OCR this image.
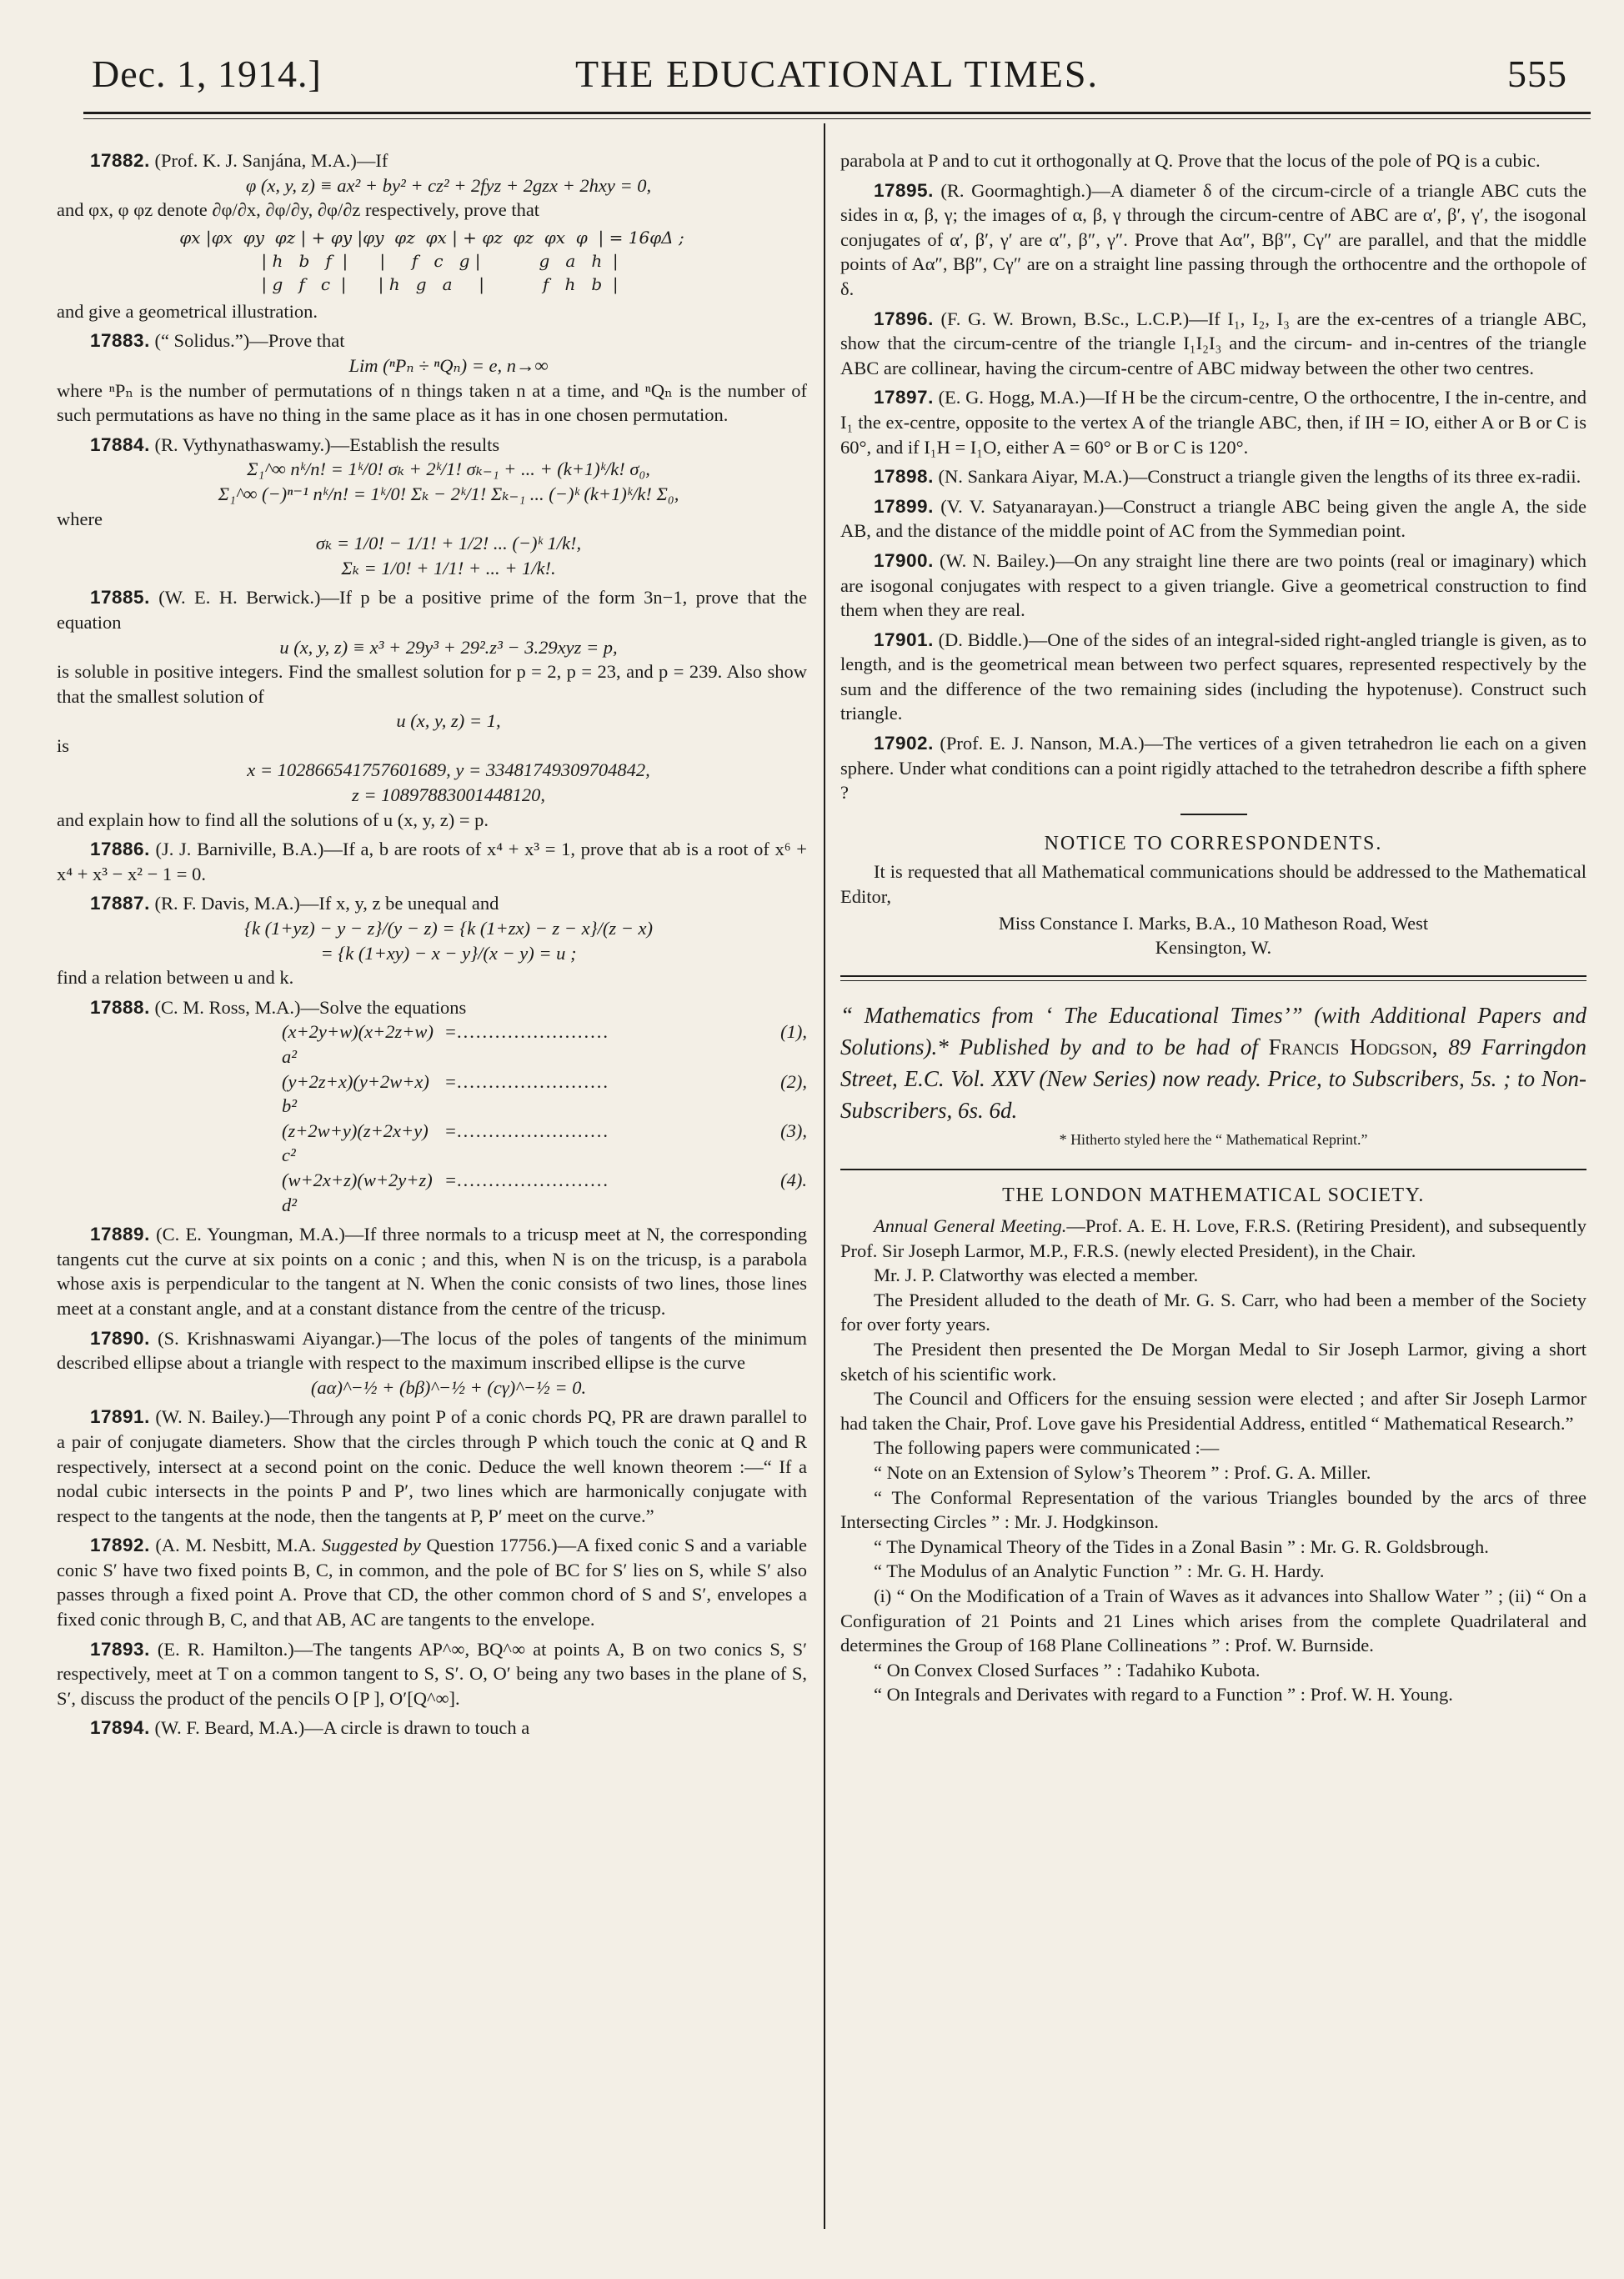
Dec. 1, 1914.]	THE EDUCATIONAL TIMES.	555

17882. (Prof. K. J. Sanjána, M.A.)—If

φ (x, y, z) ≡ ax² + by² + cz² + 2fyz + 2gzx + 2hxy = 0,

and φx, φ φz denote ∂φ/∂x, ∂φ/∂y, ∂φ/∂z respectively, prove that

φx |φx  φy  φz | + φy |φy  φz  φx | + φz  φz  φx  φ  | = 16φΔ ;
| h   b   f  |      |     f   c   g |           g   a   h  |
| g   f   c  |      | h   g   a     |           f   h   b  |

and give a geometrical illustration.

17883. (“ Solidus.”)—Prove that

Lim (ⁿPₙ ÷ ⁿQₙ) = e, n→∞

where ⁿPₙ is the number of permutations of n things taken n at a time, and ⁿQₙ is the number of such permutations as have no thing in the same place as it has in one chosen permutation.

17884. (R. Vythynathaswamy.)—Establish the results

Σ₁^∞ nᵏ/n! = 1ᵏ/0! σₖ + 2ᵏ/1! σₖ₋₁ + ... + (k+1)ᵏ/k! σ₀,

Σ₁^∞ (−)ⁿ⁻¹ nᵏ/n! = 1ᵏ/0! Σₖ − 2ᵏ/1! Σₖ₋₁ ... (−)ᵏ (k+1)ᵏ/k! Σ₀,

where

σₖ = 1/0! − 1/1! + 1/2! ... (−)ᵏ 1/k!,

Σₖ = 1/0! + 1/1! + ... + 1/k!.

17885. (W. E. H. Berwick.)—If p be a positive prime of the form 3n−1, prove that the equation

u (x, y, z) ≡ x³ + 29y³ + 29².z³ − 3.29xyz = p,

is soluble in positive integers. Find the smallest solution for p = 2, p = 23, and p = 239. Also show that the smallest solution of

u (x, y, z) = 1,

is

x = 102866541757601689, y = 33481749309704842,

z = 10897883001448120,

and explain how to find all the solutions of u (x, y, z) = p.

17886. (J. J. Barniville, B.A.)—If a, b are roots of x⁴ + x³ = 1, prove that ab is a root of x⁶ + x⁴ + x³ − x² − 1 = 0.

17887. (R. F. Davis, M.A.)—If x, y, z be unequal and

{k (1+yz) − y − z}/(y − z) = {k (1+zx) − z − x}/(z − x)

= {k (1+xy) − x − y}/(x − y) = u ;

find a relation between u and k.

17888. (C. M. Ross, M.A.)—Solve the equations

(x+2y+w)(x+2z+w) = a²
........................	(1),
(y+2z+x)(y+2w+x) = b²
........................	(2),
(z+2w+y)(z+2x+y) = c²
........................	(3),
(w+2x+z)(w+2y+z) = d²
........................	(4).

17889. (C. E. Youngman, M.A.)—If three normals to a tricusp meet at N, the corresponding tangents cut the curve at six points on a conic ; and this, when N is on the tricusp, is a parabola whose axis is perpendicular to the tangent at N. When the conic consists of two lines, those lines meet at a constant angle, and at a constant distance from the centre of the tricusp.

17890. (S. Krishnaswami Aiyangar.)—The locus of the poles of tangents of the minimum described ellipse about a triangle with respect to the maximum inscribed ellipse is the curve

(aα)^−½ + (bβ)^−½ + (cγ)^−½ = 0.

17891. (W. N. Bailey.)—Through any point P of a conic chords PQ, PR are drawn parallel to a pair of conjugate diameters. Show that the circles through P which touch the conic at Q and R respectively, intersect at a second point on the conic. Deduce the well known theorem :—“ If a nodal cubic intersects in the points P and P′, two lines which are harmonically conjugate with respect to the tangents at the node, then the tangents at P, P′ meet on the curve.”

17892. (A. M. Nesbitt, M.A. Suggested by Question 17756.)—A fixed conic S and a variable conic S′ have two fixed points B, C, in common, and the pole of BC for S′ lies on S, while S′ also passes through a fixed point A. Prove that CD, the other common chord of S and S′, envelopes a fixed conic through B, C, and that AB, AC are tangents to the envelope.

17893. (E. R. Hamilton.)—The tangents AP^∞, BQ^∞ at points A, B on two conics S, S′ respectively, meet at T on a common tangent to S, S′. O, O′ being any two bases in the plane of S, S′, discuss the product of the pencils O [P ], O′[Q^∞].

17894. (W. F. Beard, M.A.)—A circle is drawn to touch a

parabola at P and to cut it orthogonally at Q. Prove that the locus of the pole of PQ is a cubic.

17895. (R. Goormaghtigh.)—A diameter δ of the circum-circle of a triangle ABC cuts the sides in α, β, γ; the images of α, β, γ through the circum-centre of ABC are α′, β′, γ′, the isogonal conjugates of α′, β′, γ′ are α″, β″, γ″. Prove that Aα″, Bβ″, Cγ″ are parallel, and that the middle points of Aα″, Bβ″, Cγ″ are on a straight line passing through the orthocentre and the orthopole of δ.

17896. (F. G. W. Brown, B.Sc., L.C.P.)—If I₁, I₂, I₃ are the ex-centres of a triangle ABC, show that the circum-centre of the triangle I₁I₂I₃ and the circum- and in-centres of the triangle ABC are collinear, having the circum-centre of ABC midway between the other two centres.

17897. (E. G. Hogg, M.A.)—If H be the circum-centre, O the orthocentre, I the in-centre, and I₁ the ex-centre, opposite to the vertex A of the triangle ABC, then, if IH = IO, either A or B or C is 60°, and if I₁H = I₁O, either A = 60° or B or C is 120°.

17898. (N. Sankara Aiyar, M.A.)—Construct a triangle given the lengths of its three ex-radii.

17899. (V. V. Satyanarayan.)—Construct a triangle ABC being given the angle A, the side AB, and the distance of the middle point of AC from the Symmedian point.

17900. (W. N. Bailey.)—On any straight line there are two points (real or imaginary) which are isogonal conjugates with respect to a given triangle. Give a geometrical construction to find them when they are real.

17901. (D. Biddle.)—One of the sides of an integral-sided right-angled triangle is given, as to length, and is the geometrical mean between two perfect squares, represented respectively by the sum and the difference of the two remaining sides (including the hypotenuse). Construct such triangle.

17902. (Prof. E. J. Nanson, M.A.)—The vertices of a given tetrahedron lie each on a given sphere. Under what conditions can a point rigidly attached to the tetrahedron describe a fifth sphere ?

NOTICE TO CORRESPONDENTS.

It is requested that all Mathematical communications should be addressed to the Mathematical Editor,

Miss Constance I. Marks, B.A., 10 Matheson Road, West

Kensington, W.

“ Mathematics from ‘ The Educational Times’” (with Additional Papers and Solutions).* Published by and to be had of Francis Hodgson, 89 Farringdon Street, E.C. Vol. XXV (New Series) now ready. Price, to Subscribers, 5s. ; to Non-Subscribers, 6s. 6d.

* Hitherto styled here the “ Mathematical Reprint.”

THE LONDON MATHEMATICAL SOCIETY.

Annual General Meeting.—Prof. A. E. H. Love, F.R.S. (Retiring President), and subsequently Prof. Sir Joseph Larmor, M.P., F.R.S. (newly elected President), in the Chair.

Mr. J. P. Clatworthy was elected a member.

The President alluded to the death of Mr. G. S. Carr, who had been a member of the Society for over forty years.

The President then presented the De Morgan Medal to Sir Joseph Larmor, giving a short sketch of his scientific work.

The Council and Officers for the ensuing session were elected ; and after Sir Joseph Larmor had taken the Chair, Prof. Love gave his Presidential Address, entitled “ Mathematical Research.”

The following papers were communicated :—

“ Note on an Extension of Sylow’s Theorem ” : Prof. G. A. Miller.

“ The Conformal Representation of the various Triangles bounded by the arcs of three Intersecting Circles ” : Mr. J. Hodgkinson.

“ The Dynamical Theory of the Tides in a Zonal Basin ” : Mr. G. R. Goldsbrough.

“ The Modulus of an Analytic Function ” : Mr. G. H. Hardy.

(i) “ On the Modification of a Train of Waves as it advances into Shallow Water ” ; (ii) “ On a Configuration of 21 Points and 21 Lines which arises from the complete Quadrilateral and determines the Group of 168 Plane Collineations ” : Prof. W. Burnside.

“ On Convex Closed Surfaces ” : Tadahiko Kubota.

“ On Integrals and Derivates with regard to a Function ” : Prof. W. H. Young.
